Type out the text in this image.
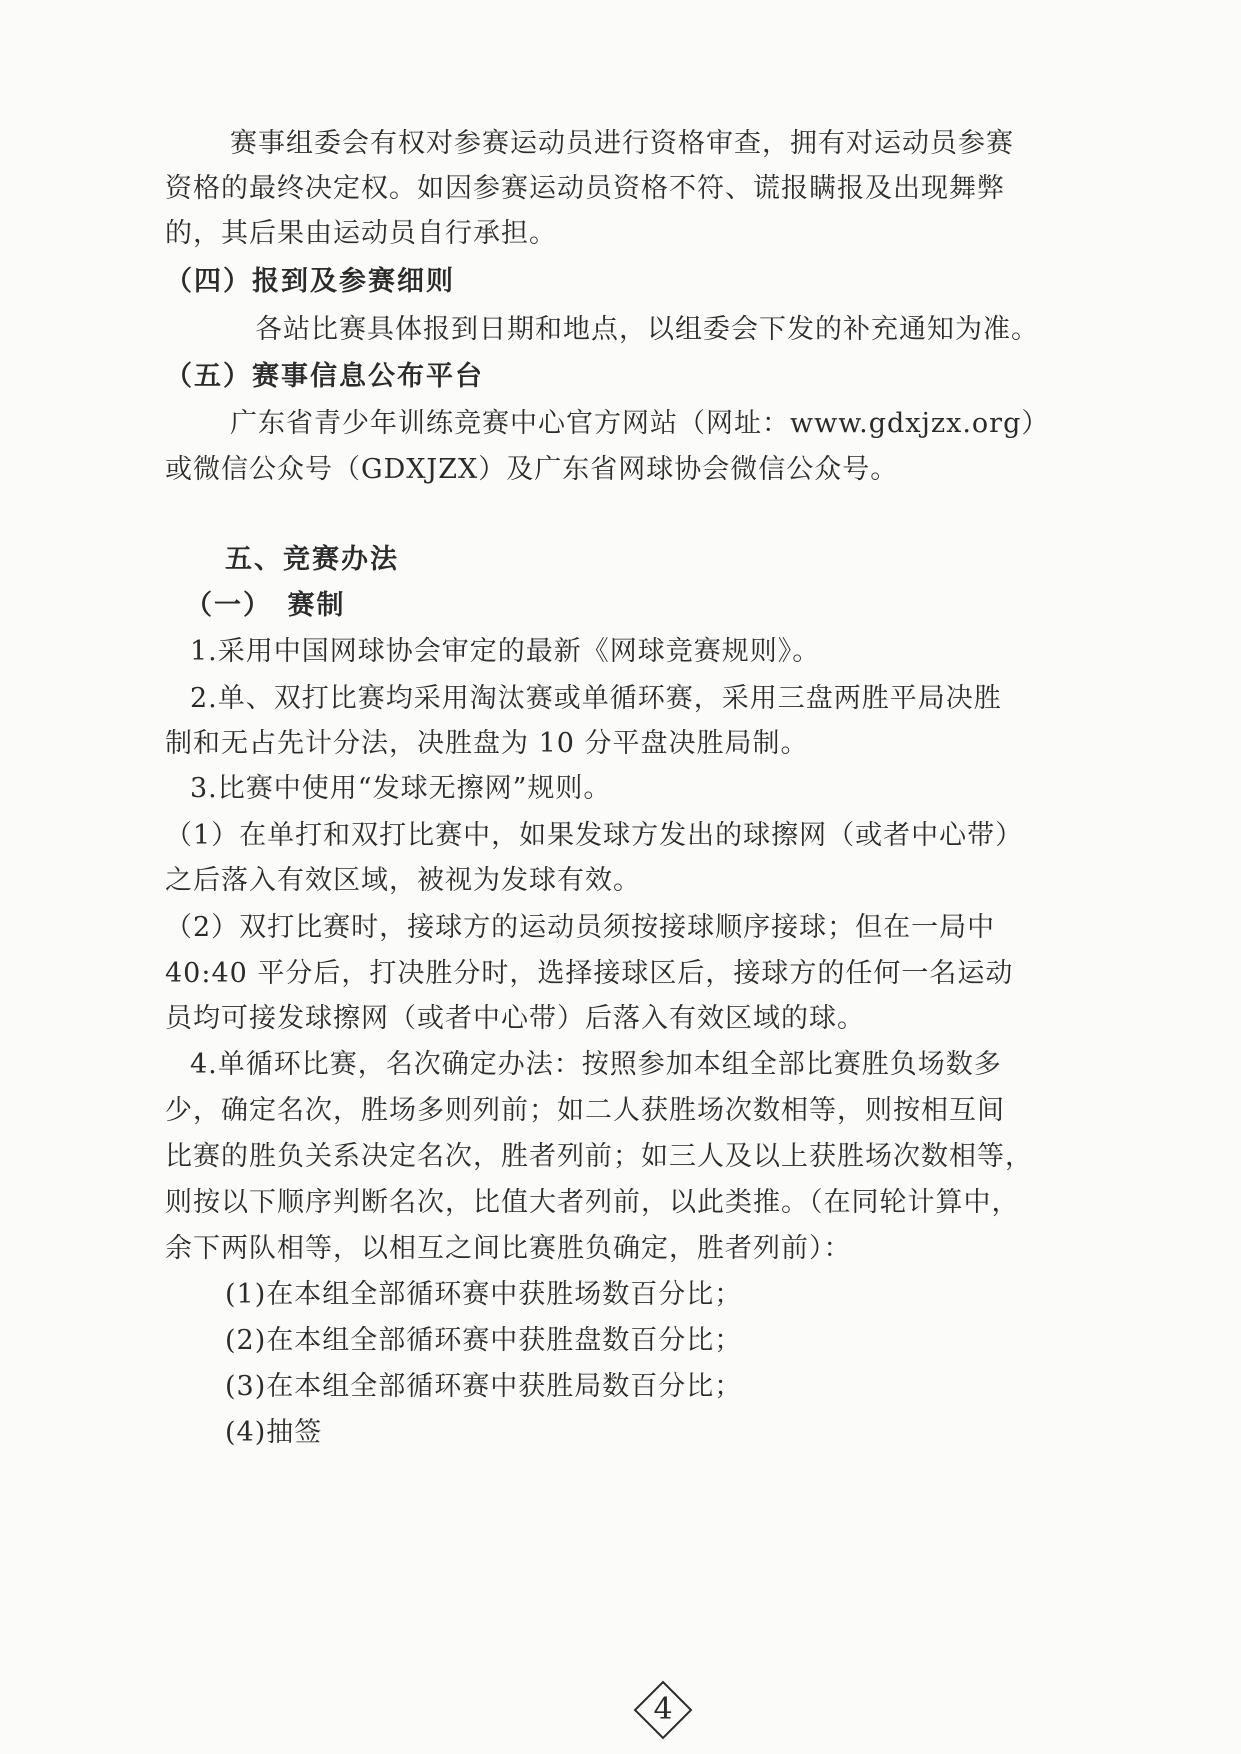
赛事组委会有权对参赛运动员进行资格审查，拥有对运动员参赛
资格的最终决定权。如因参赛运动员资格不符、谎报瞒报及出现舞弊
的，其后果由运动员自行承担。
（四）报到及参赛细则
各站比赛具体报到日期和地点，以组委会下发的补充通知为准。
（五）赛事信息公布平台
广东省青少年训练竞赛中心官方网站（网址：www.gdxjzx.org）
或微信公众号（GDXJZX）及广东省网球协会微信公众号。
五、竞赛办法
（一）　赛制
1.采用中国网球协会审定的最新《网球竞赛规则》。
2.单、双打比赛均采用淘汰赛或单循环赛，采用三盘两胜平局决胜
制和无占先计分法，决胜盘为 10 分平盘决胜局制。
3.比赛中使用“发球无擦网”规则。
（1）在单打和双打比赛中，如果发球方发出的球擦网（或者中心带）
之后落入有效区域，被视为发球有效。
（2）双打比赛时，接球方的运动员须按接球顺序接球；但在一局中
40:40 平分后，打决胜分时，选择接球区后，接球方的任何一名运动
员均可接发球擦网（或者中心带）后落入有效区域的球。
4.单循环比赛，名次确定办法：按照参加本组全部比赛胜负场数多
少，确定名次，胜场多则列前；如二人获胜场次数相等，则按相互间
比赛的胜负关系决定名次，胜者列前；如三人及以上获胜场次数相等，
则按以下顺序判断名次，比值大者列前，以此类推。（在同轮计算中，
余下两队相等，以相互之间比赛胜负确定，胜者列前）：
(1)在本组全部循环赛中获胜场数百分比；
(2)在本组全部循环赛中获胜盘数百分比；
(3)在本组全部循环赛中获胜局数百分比；
(4)抽签
4
